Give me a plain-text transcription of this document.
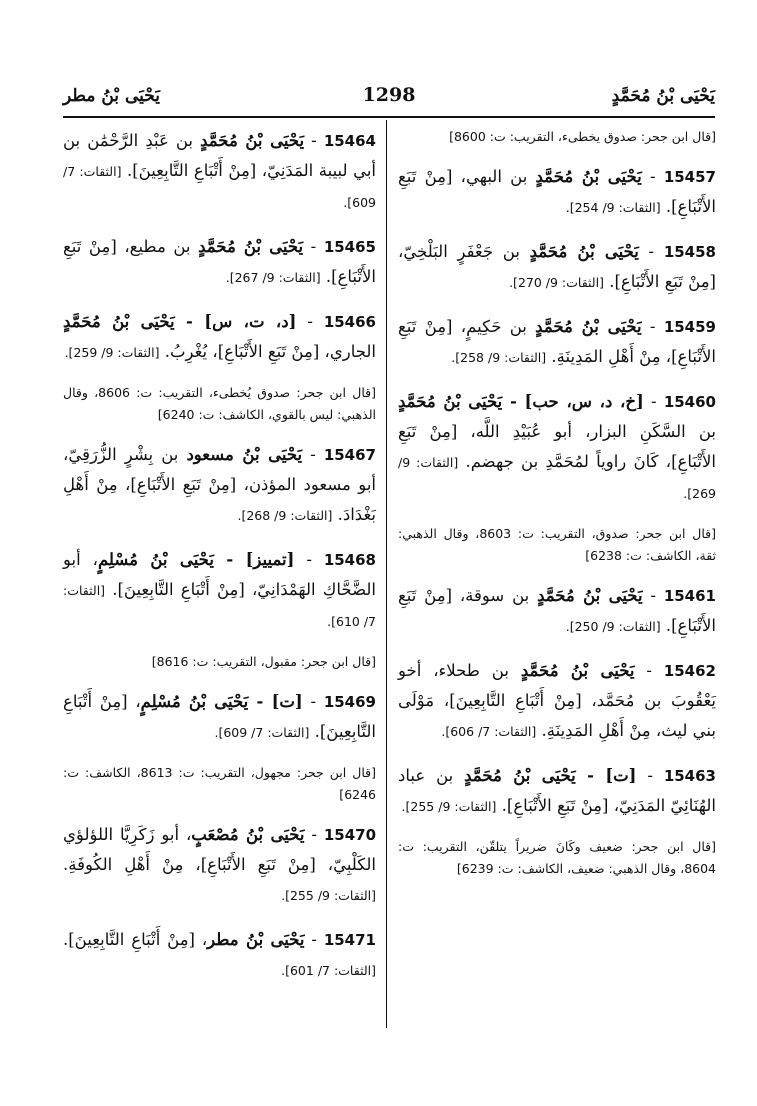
يَحْيَى بْنُ مُحَمَّدٍ
1298
يَحْيَى بْنُ مطر
[قال ابن جحر: صدوق يخطىء، التقريب: ت: 8600]
15457 - يَحْيَى بْنُ مُحَمَّدٍ بن البهي، [مِنْ تَبَعِ الأَتْبَاعِ]. [الثقات: 9/ 254].
15458 - يَحْيَى بْنُ مُحَمَّدٍ بن جَعْفَرٍ البَلْخِيّ، [مِنْ تَبَعِ الأَتْبَاعِ]. [الثقات: 9/ 270].
15459 - يَحْيَى بْنُ مُحَمَّدٍ بن حَكِيمٍ، [مِنْ تَبَعِ الأَتْبَاعِ]، مِنْ أَهْلِ المَدِينَةِ. [الثقات: 9/ 258].
15460 - [خ، د، س، حب] - يَحْيَى بْنُ مُحَمَّدٍ بن السَّكَنِ البزار، أبو عُبَيْدِ اللَّه، [مِنْ تَبَعِ الأَتْبَاعِ]، كَانَ راوياً لمُحَمَّدِ بن جهضم. [الثقات: 9/ 269].
[قال ابن جحر: صدوق، التقريب: ت: 8603، وقال الذهبي: ثقة، الكاشف: ت: 6238]
15461 - يَحْيَى بْنُ مُحَمَّدٍ بن سوقة، [مِنْ تَبَعِ الأَتْبَاعِ]. [الثقات: 9/ 250].
15462 - يَحْيَى بْنُ مُحَمَّدٍ بن طحلاء، أخو يَعْقُوبَ بن مُحَمَّد، [مِنْ أَتْبَاعِ التَّابِعِينَ]، مَوْلَى بني ليث، مِنْ أَهْلِ المَدِينَةِ. [الثقات: 7/ 606].
15463 - [ت] - يَحْيَى بْنُ مُحَمَّدٍ بن عباد الهُنَائِيّ المَدَنِيّ، [مِنْ تَبَعِ الأَتْبَاعِ]. [الثقات: 9/ 255].
[قال ابن جحر: ضعيف وكَانَ ضريراً يتلقّن، التقريب: ت: 8604، وقال الذهبي: ضعيف، الكاشف: ت: 6239]
15464 - يَحْيَى بْنُ مُحَمَّدٍ بن عَبْدِ الرَّحْمَٰن بن أبي لبيبة المَدَنِيّ، [مِنْ أَتْبَاعِ التَّابِعِينَ]. [الثقات: 7/ 609].
15465 - يَحْيَى بْنُ مُحَمَّدٍ بن مطيع، [مِنْ تَبَعِ الأَتْبَاعِ]. [الثقات: 9/ 267].
15466 - [د، ت، س] - يَحْيَى بْنُ مُحَمَّدٍ الجاري، [مِنْ تَبَعِ الأَتْبَاعِ]، يُغْرِبُ. [الثقات: 9/ 259].
[قال ابن جحر: صدوق يُخطىء، التقريب: ت: 8606، وقال الذهبي: ليس بالقوي، الكاشف: ت: 6240]
15467 - يَحْيَى بْنُ مسعود بن بِشْرٍ الزُّرَقِيّ، أبو مسعود المؤذن، [مِنْ تَبَعِ الأَتْبَاعِ]، مِنْ أَهْلِ بَغْدَادَ. [الثقات: 9/ 268].
15468 - [تمييز] - يَحْيَى بْنُ مُسْلِمٍ، أبو الضَّحَّاكِ الهَمْدَانِيّ، [مِنْ أَتْبَاعِ التَّابِعِينَ]. [الثقات: 7/ 610].
[قال ابن جحر: مقبول، التقريب: ت: 8616]
15469 - [ت] - يَحْيَى بْنُ مُسْلِمٍ، [مِنْ أَتْبَاعِ التَّابِعِينَ]. [الثقات: 7/ 609].
[قال ابن جحر: مجهول، التقريب: ت: 8613، الكاشف: ت: 6246]
15470 - يَحْيَى بْنُ مُصْعَبٍ، أبو زَكَرِيَّا اللؤلؤي الكَلْبِيّ، [مِنْ تَبَعِ الأَتْبَاعِ]، مِنْ أَهْلِ الكُوفَةِ. [الثقات: 9/ 255].
15471 - يَحْيَى بْنُ مطر، [مِنْ أَتْبَاعِ التَّابِعِينَ]. [الثقات: 7/ 601].
